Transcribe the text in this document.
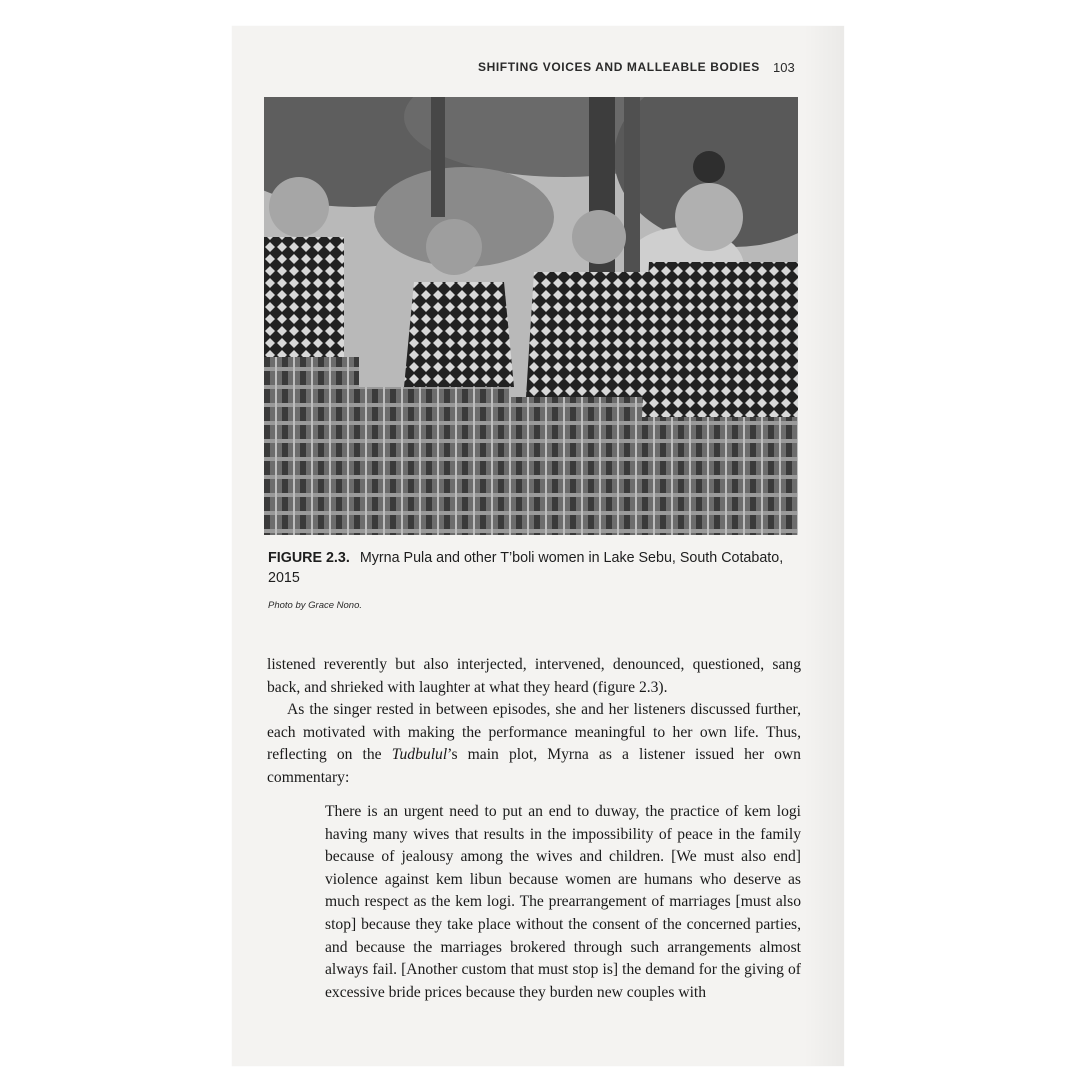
SHIFTING VOICES AND MALLEABLE BODIES 103
FIGURE 2.3. Myrna Pula and other T’boli women in Lake Sebu, South Cotabato, 2015
Photo by Grace Nono.

listened reverently but also interjected, intervened, denounced, questioned, sang back, and shrieked with laughter at what they heard (figure 2.3).

As the singer rested in between episodes, she and her listeners discussed further, each motivated with making the performance meaningful to her own life. Thus, reflecting on the Tudbulul’s main plot, Myrna as a listener issued her own commentary:

There is an urgent need to put an end to duway, the practice of kem logi having many wives that results in the impossibility of peace in the family because of jealousy among the wives and children. [We must also end] violence against kem libun because women are humans who deserve as much respect as the kem logi. The prearrangement of marriages [must also stop] because they take place without the consent of the concerned parties, and because the marriages brokered through such arrangements almost always fail. [Another custom that must stop is] the demand for the giving of excessive bride prices because they burden new couples with
